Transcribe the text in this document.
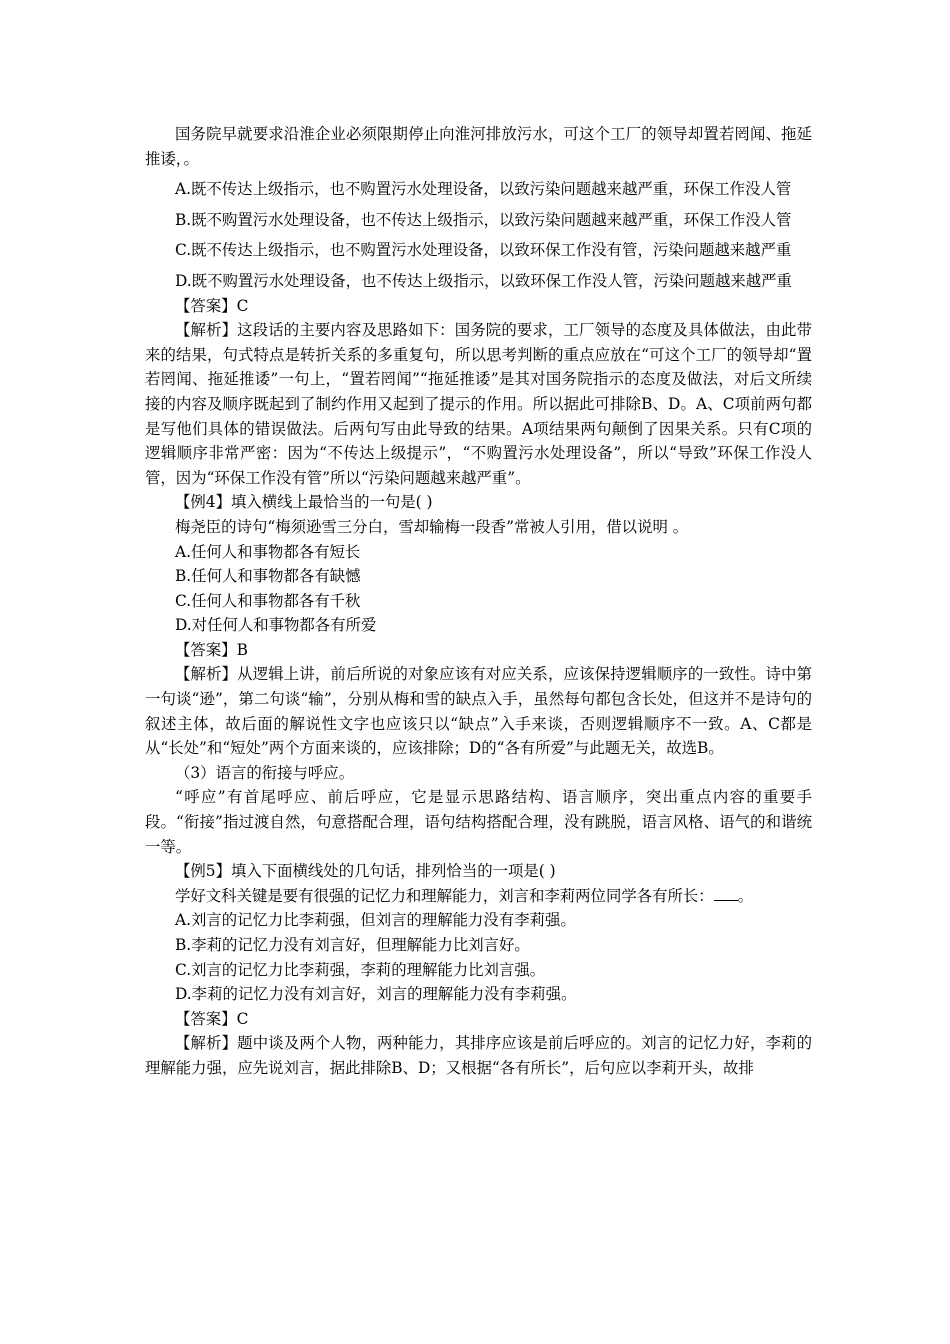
国务院早就要求沿淮企业必须限期停止向淮河排放污水，可这个工厂的领导却置若罔闻、拖延推诿，。

A.既不传达上级指示，也不购置污水处理设备，以致污染问题越来越严重，环保工作没人管

B.既不购置污水处理设备，也不传达上级指示，以致污染问题越来越严重，环保工作没人管

C.既不传达上级指示，也不购置污水处理设备，以致环保工作没有管，污染问题越来越严重

D.既不购置污水处理设备，也不传达上级指示，以致环保工作没人管，污染问题越来越严重

【答案】C

【解析】这段话的主要内容及思路如下：国务院的要求，工厂领导的态度及具体做法，由此带来的结果，句式特点是转折关系的多重复句，所以思考判断的重点应放在“可这个工厂的领导却“置若罔闻、拖延推诿”一句上，“置若罔闻”“拖延推诿”是其对国务院指示的态度及做法，对后文所续接的内容及顺序既起到了制约作用又起到了提示的作用。所以据此可排除B、D。A、C项前两句都是写他们具体的错误做法。后两句写由此导致的结果。A项结果两句颠倒了因果关系。只有C项的逻辑顺序非常严密：因为“不传达上级提示”，“不购置污水处理设备”，所以“导致”环保工作没人管，因为“环保工作没有管”所以“污染问题越来越严重”。

【例4】填入横线上最恰当的一句是( )

梅尧臣的诗句“梅须逊雪三分白，雪却输梅一段香”常被人引用，借以说明 。

A.任何人和事物都各有短长

B.任何人和事物都各有缺憾

C.任何人和事物都各有千秋

D.对任何人和事物都各有所爱

【答案】B

【解析】从逻辑上讲，前后所说的对象应该有对应关系，应该保持逻辑顺序的一致性。诗中第一句谈“逊”，第二句谈“输”，分别从梅和雪的缺点入手，虽然每句都包含长处，但这并不是诗句的叙述主体，故后面的解说性文字也应该只以“缺点”入手来谈，否则逻辑顺序不一致。A、C都是从“长处”和“短处”两个方面来谈的，应该排除；D的“各有所爱”与此题无关，故选B。

（3）语言的衔接与呼应。

“呼应”有首尾呼应、前后呼应，它是显示思路结构、语言顺序，突出重点内容的重要手段。“衔接”指过渡自然，句意搭配合理，语句结构搭配合理，没有跳脱，语言风格、语气的和谐统一等。

【例5】填入下面横线处的几句话，排列恰当的一项是( )

学好文科关键是要有很强的记忆力和理解能力，刘言和李莉两位同学各有所长： 。

A.刘言的记忆力比李莉强，但刘言的理解能力没有李莉强。

B.李莉的记忆力没有刘言好，但理解能力比刘言好。

C.刘言的记忆力比李莉强，李莉的理解能力比刘言强。

D.李莉的记忆力没有刘言好，刘言的理解能力没有李莉强。

【答案】C

【解析】题中谈及两个人物，两种能力，其排序应该是前后呼应的。刘言的记忆力好，李莉的理解能力强，应先说刘言，据此排除B、D；又根据“各有所长”，后句应以李莉开头，故排
